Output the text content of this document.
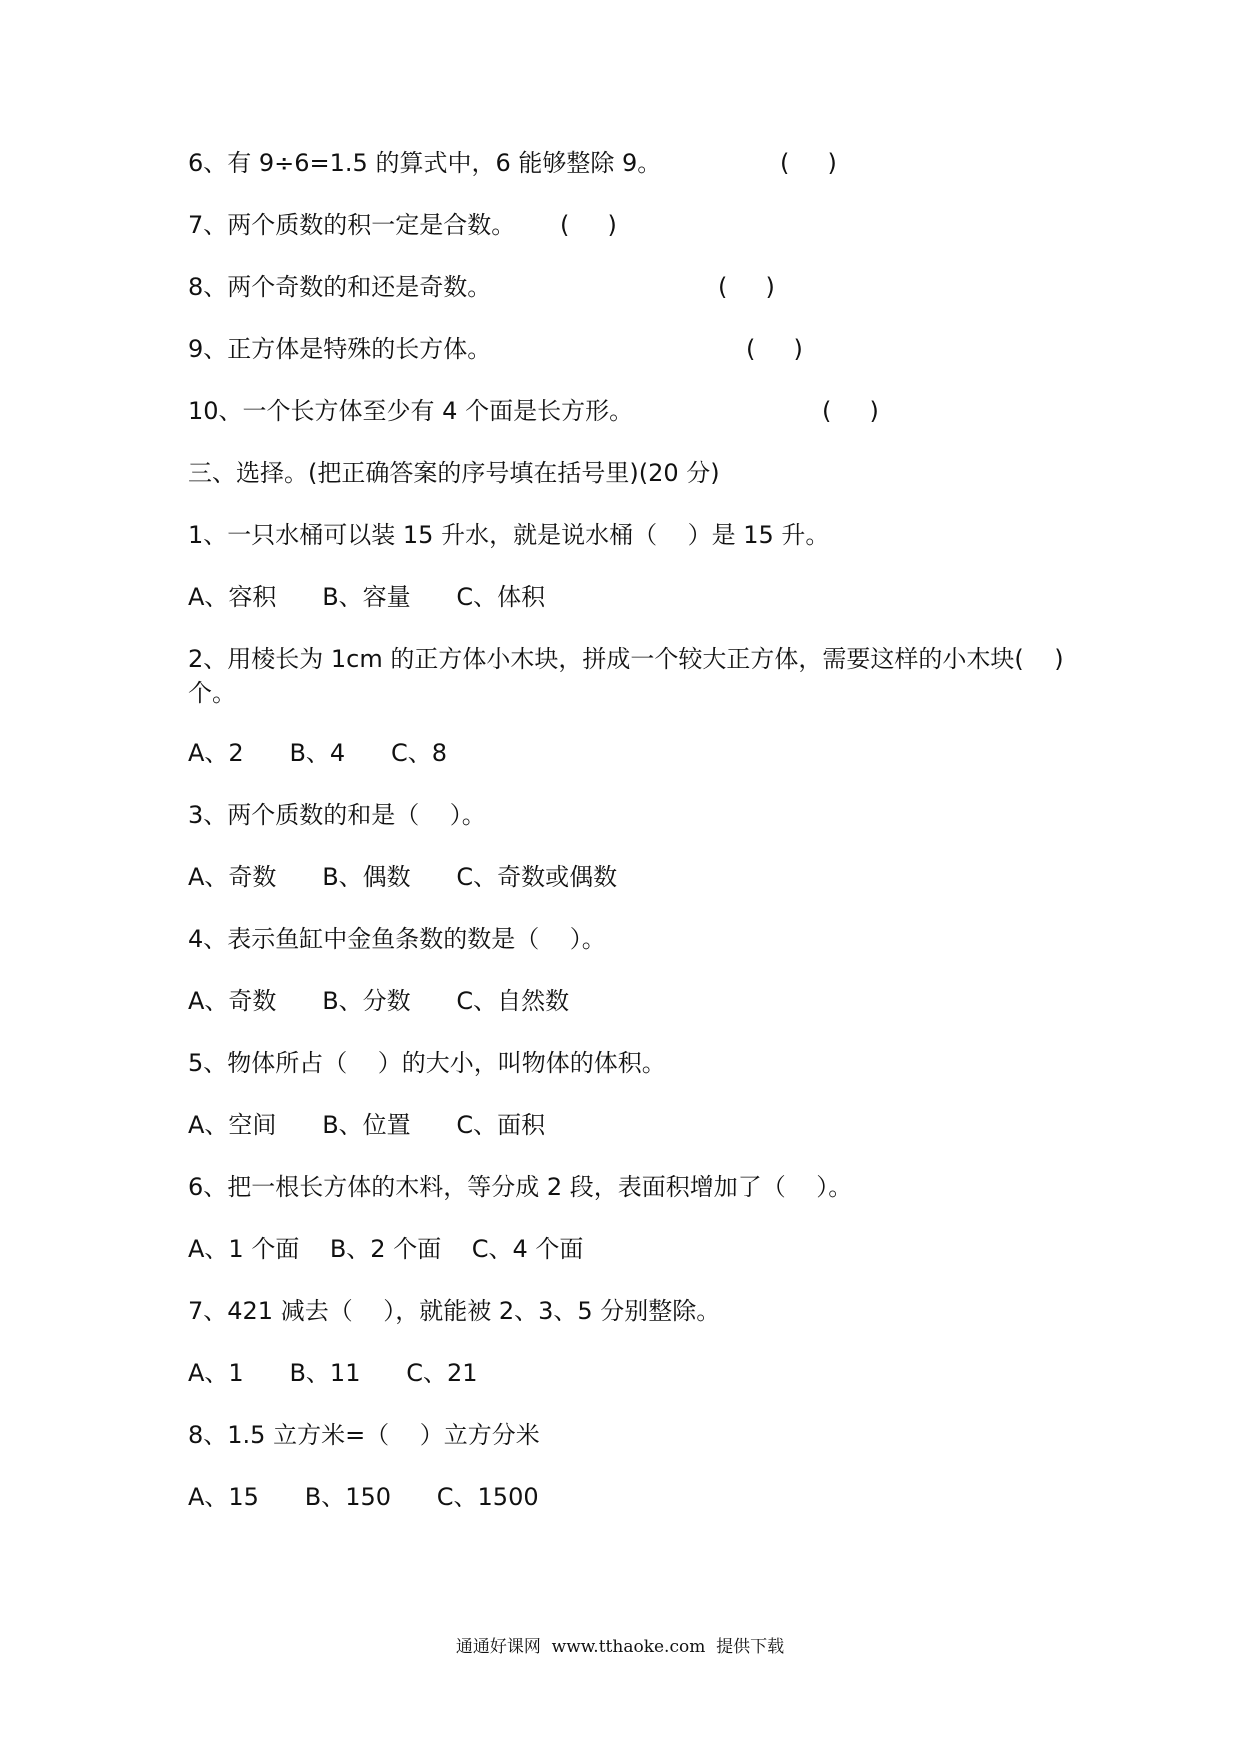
6、有 9÷6=1.5 的算式中，6 能够整除 9。	(     )
7、两个质数的积一定是合数。 (     )
8、两个奇数的和还是奇数。	(     )
9、正方体是特殊的长方体。	(     )
10、一个长方体至少有 4 个面是长方形。	(     )
三、选择。(把正确答案的序号填在括号里)(20 分)
1、一只水桶可以装 15 升水，就是说水桶（    ）是 15 升。
A、容积      B、容量      C、体积
2、用棱长为 1cm 的正方体小木块，拼成一个较大正方体，需要这样的小木块(    )
个。
A、2      B、4      C、8
3、两个质数的和是（    ）。
A、奇数      B、偶数      C、奇数或偶数
4、表示鱼缸中金鱼条数的数是（    ）。
A、奇数      B、分数      C、自然数
5、物体所占（    ）的大小，叫物体的体积。
A、空间      B、位置      C、面积
6、把一根长方体的木料，等分成 2 段，表面积增加了（    ）。
A、1 个面    B、2 个面    C、4 个面
7、421 减去（    ），就能被 2、3、5 分别整除。
A、1      B、11      C、21
8、1.5 立方米=（    ）立方分米
A、15      B、150      C、1500
通通好课网  www.tthaoke.com  提供下载
